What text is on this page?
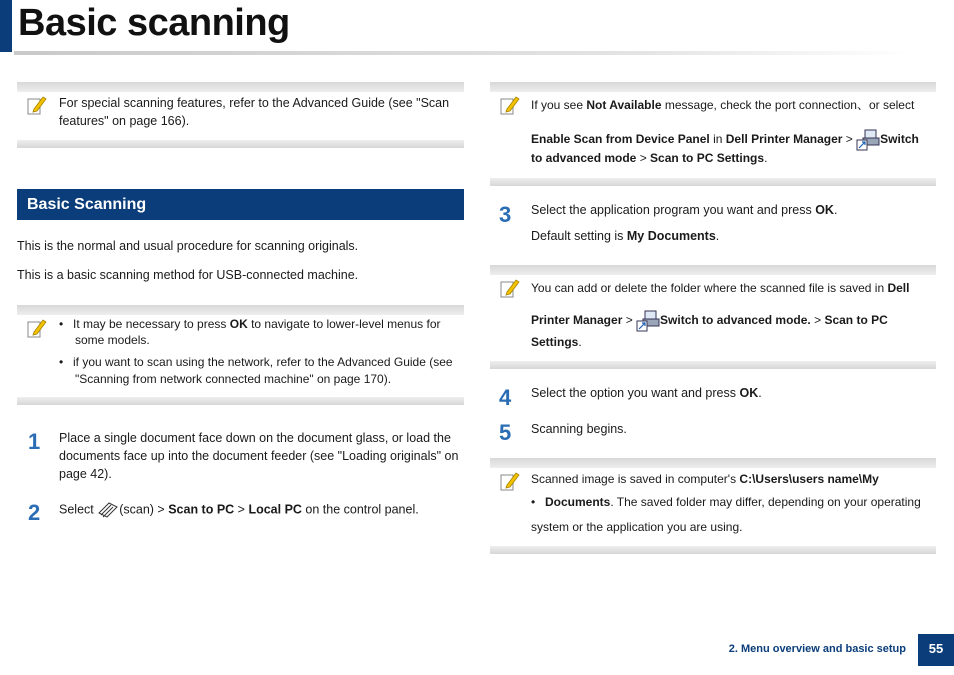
Basic scanning
For special scanning features, refer to the Advanced Guide (see "Scan
features" on page 166).
Basic Scanning
This is the normal and usual procedure for scanning originals.
This is a basic scanning method for USB-connected machine.
• It may be necessary to press OK to navigate to lower-level menus for
some models.
• if you want to scan using the network, refer to the Advanced Guide (see
"Scanning from network connected machine" on page 170).
1 Place a single document face down on the document glass, or load the
documents face up into the document feeder (see "Loading originals" on
page 42).
2 Select (scan) > Scan to PC > Local PC on the control panel.
If you see Not Available message, check the port connection、or select
Enable Scan from Device Panel in Dell Printer Manager > Switch
to advanced mode > Scan to PC Settings.
3 Select the application program you want and press OK.
Default setting is My Documents.
You can add or delete the folder where the scanned file is saved in Dell
Printer Manager > Switch to advanced mode. > Scan to PC
Settings.
4 Select the option you want and press OK.
5 Scanning begins.
Scanned image is saved in computer's C:\Users\users name\My
• Documents. The saved folder may differ, depending on your operating
system or the application you are using.
2. Menu overview and basic setup	55
